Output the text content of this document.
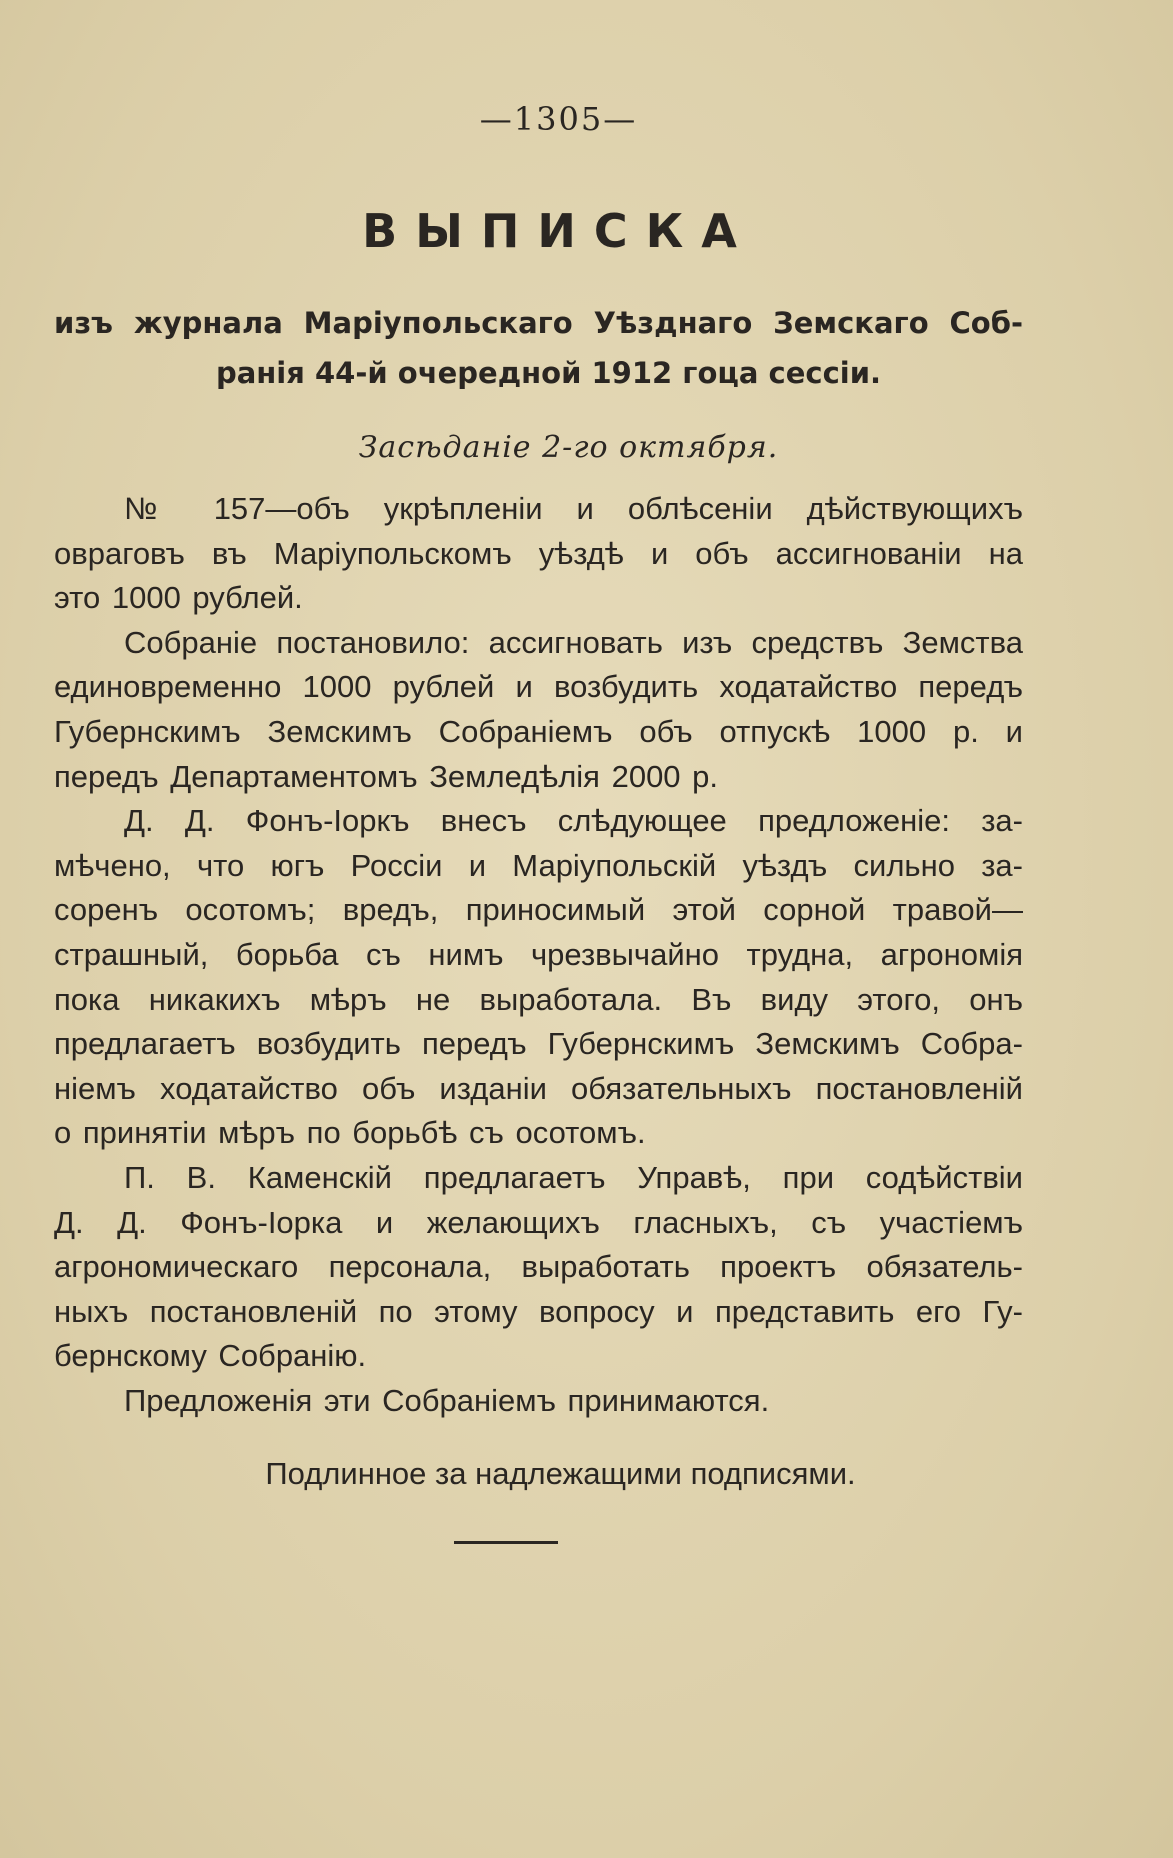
—1305—
ВЫПИСКА
изъ журнала Маріупольскаго Уѣзднаго Земскаго Соб-
ранія 44-й очередной 1912 гоца сессіи.
Засѣданіе 2-го октября.
№ 157—объ укрѣпленіи и облѣсеніи дѣйствующихъ
овраговъ въ Маріупольскомъ уѣздѣ и объ ассигнованіи на
это 1000 рублей.
Собраніе постановило: ассигновать изъ средствъ Земства
единовременно 1000 рублей и возбудить ходатайство передъ
Губернскимъ Земскимъ Собраніемъ объ отпускѣ 1000 р. и
передъ Департаментомъ Земледѣлія 2000 р.
Д. Д. Фонъ-Іоркъ внесъ слѣдующее предложеніе: за-
мѣчено, что югъ Россіи и Маріупольскій уѣздъ сильно за-
соренъ осотомъ; вредъ, приносимый этой сорной травой—
страшный, борьба съ нимъ чрезвычайно трудна, агрономія
пока никакихъ мѣръ не выработала. Въ виду этого, онъ
предлагаетъ возбудить передъ Губернскимъ Земскимъ Собра-
ніемъ ходатайство объ изданіи обязательныхъ постановленій
о принятіи мѣръ по борьбѣ съ осотомъ.
П. В. Каменскій предлагаетъ Управѣ, при содѣйствіи
Д. Д. Фонъ-Іорка и желающихъ гласныхъ, съ участіемъ
агрономическаго персонала, выработать проектъ обязатель-
ныхъ постановленій по этому вопросу и представить его Гу-
бернскому Собранію.
Предложенія эти Собраніемъ принимаются.
Подлинное за надлежащими подписями.
